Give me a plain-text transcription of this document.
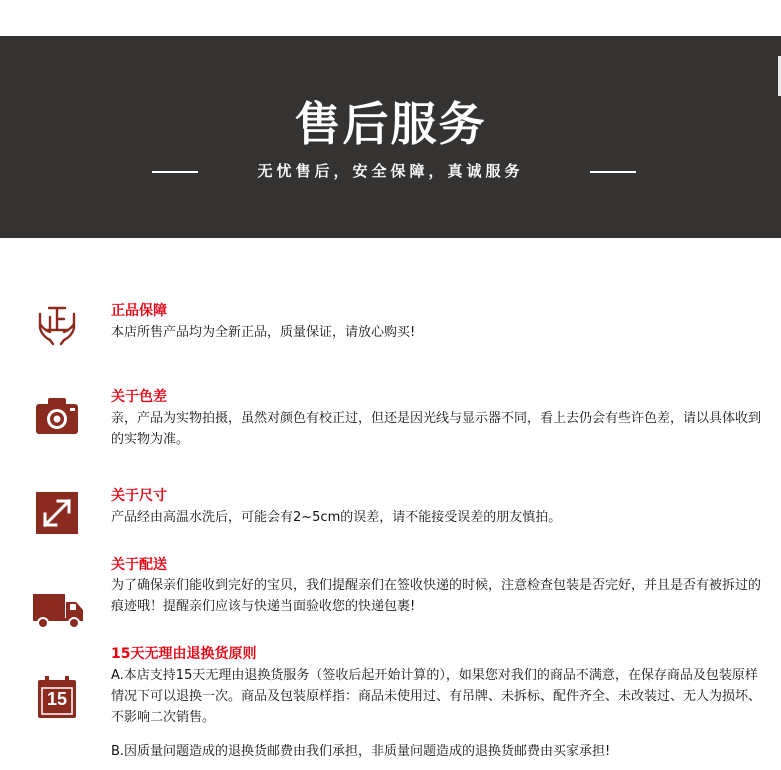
售后服务
无忧售后，安全保障，真诚服务
正品保障
本店所售产品均为全新正品，质量保证，请放心购买!
关于色差
亲，产品为实物拍摄，虽然对颜色有校正过，但还是因光线与显示器不同，看上去仍会有些许色差，请以具体收到的实物为准。
关于尺寸
产品经由高温水洗后，可能会有2~5cm的误差，请不能接受误差的朋友慎拍。
关于配送
为了确保亲们能收到完好的宝贝，我们提醒亲们在签收快递的时候，注意检查包装是否完好，并且是否有被拆过的痕迹哦！提醒亲们应该与快递当面验收您的快递包裹!
15
15天无理由退换货原则
A.本店支持15天无理由退换货服务（签收后起开始计算的），如果您对我们的商品不满意，在保存商品及包装原样情况下可以退换一次。商品及包装原样指：商品未使用过、有吊牌、未拆标、配件齐全、未改装过、无人为损坏、不影响二次销售。
B.因质量问题造成的退换货邮费由我们承担，非质量问题造成的退换货邮费由买家承担!
